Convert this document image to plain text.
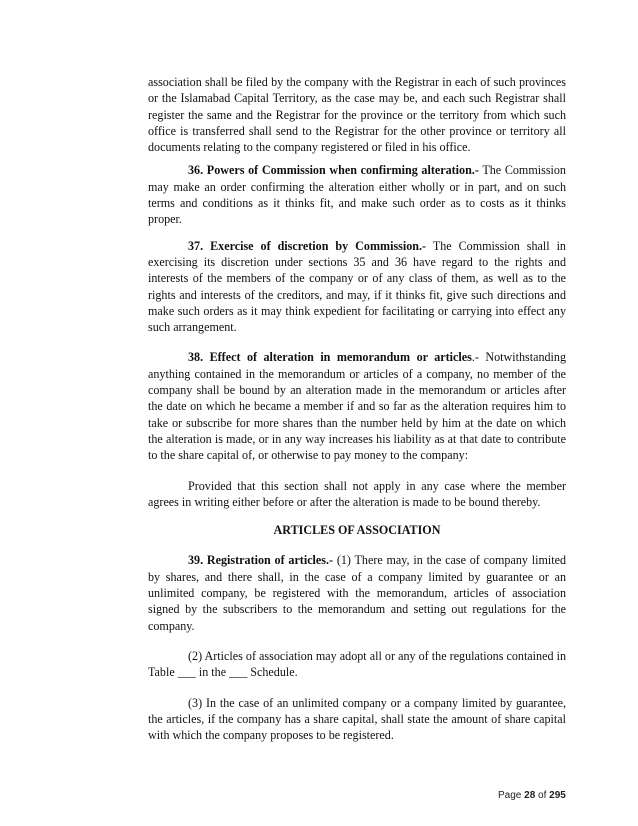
association shall be filed by the company with the Registrar in each of such provinces or the Islamabad Capital Territory, as the case may be, and each such Registrar shall register the same and the Registrar for the province or the territory from which such office is transferred shall send to the Registrar for the other province or territory all documents relating to the company registered or filed in his office.

36. Powers of Commission when confirming alteration.- The Commission may make an order confirming the alteration either wholly or in part, and on such terms and conditions as it thinks fit, and make such order as to costs as it thinks proper.

37. Exercise of discretion by Commission.- The Commission shall in exercising its discretion under sections 35 and 36 have regard to the rights and interests of the members of the company or of any class of them, as well as to the rights and interests of the creditors, and may, if it thinks fit, give such directions and make such orders as it may think expedient for facilitating or carrying into effect any such arrangement.

38. Effect of alteration in memorandum or articles.- Notwithstanding anything contained in the memorandum or articles of a company, no member of the company shall be bound by an alteration made in the memorandum or articles after the date on which he became a member if and so far as the alteration requires him to take or subscribe for more shares than the number held by him at the date on which the alteration is made, or in any way increases his liability as at that date to contribute to the share capital of, or otherwise to pay money to the company:

Provided that this section shall not apply in any case where the member agrees in writing either before or after the alteration is made to be bound thereby.

ARTICLES OF ASSOCIATION

39. Registration of articles.- (1) There may, in the case of company limited by shares, and there shall, in the case of a company limited by guarantee or an unlimited company, be registered with the memorandum, articles of association signed by the subscribers to the memorandum and setting out regulations for the company.

(2) Articles of association may adopt all or any of the regulations contained in Table ___ in the ___ Schedule.

(3) In the case of an unlimited company or a company limited by guarantee, the articles, if the company has a share capital, shall state the amount of share capital with which the company proposes to be registered.

Page 28 of 295
